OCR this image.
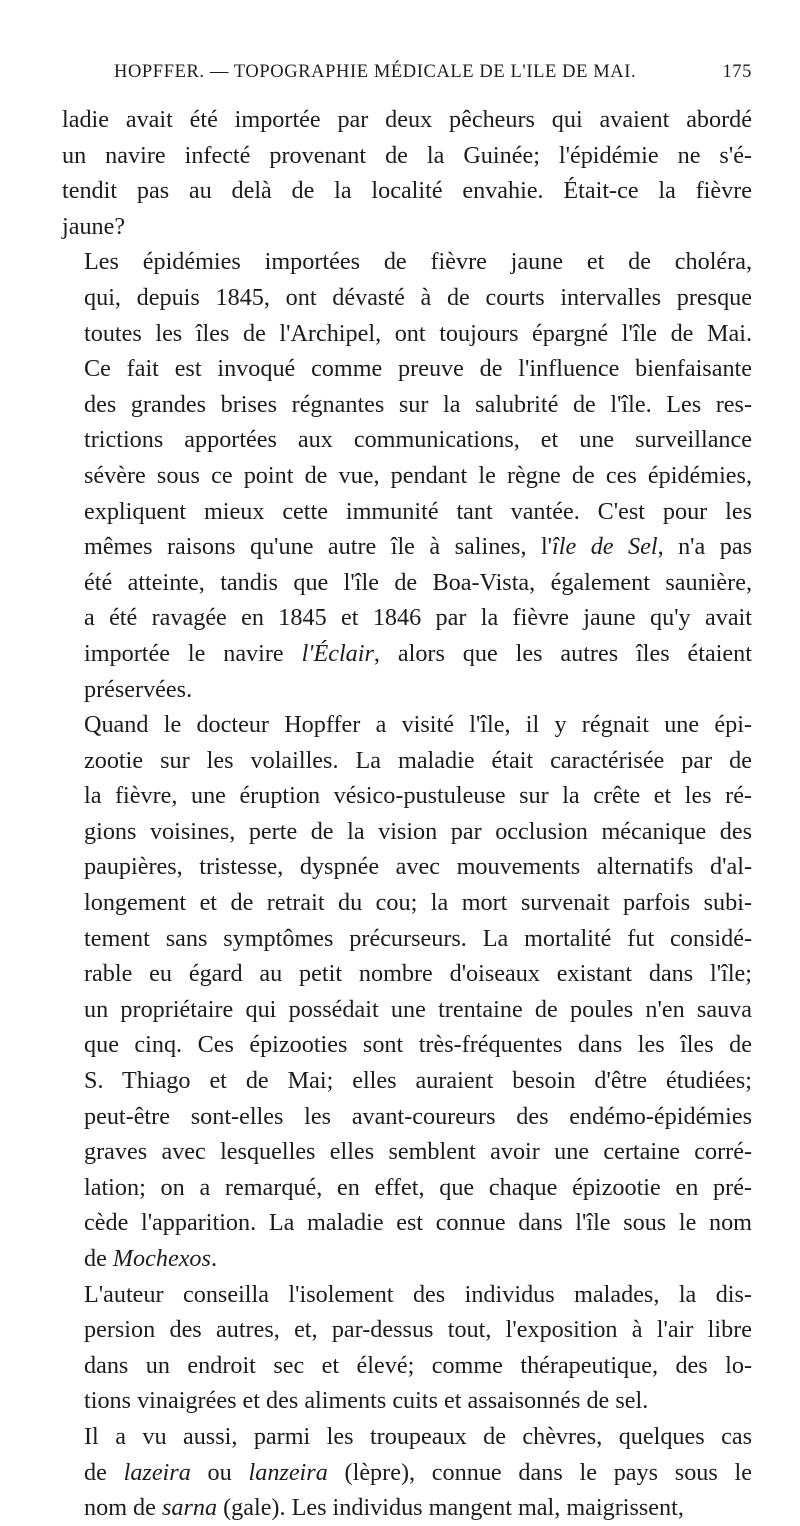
HOPFFER. — TOPOGRAPHIE MÉDICALE DE L'ILE DE MAI.	175

ladie avait été importée par deux pêcheurs qui avaient abordé
un navire infecté provenant de la Guinée; l'épidémie ne s'é-
tendit pas au delà de la localité envahie. Était-ce la fièvre
jaune?

Les épidémies importées de fièvre jaune et de choléra,
qui, depuis 1845, ont dévasté à de courts intervalles presque
toutes les îles de l'Archipel, ont toujours épargné l'île de Mai.
Ce fait est invoqué comme preuve de l'influence bienfaisante
des grandes brises régnantes sur la salubrité de l'île. Les res-
trictions apportées aux communications, et une surveillance
sévère sous ce point de vue, pendant le règne de ces épidémies,
expliquent mieux cette immunité tant vantée. C'est pour les
mêmes raisons qu'une autre île à salines, l'île de Sel, n'a pas
été atteinte, tandis que l'île de Boa-Vista, également saunière,
a été ravagée en 1845 et 1846 par la fièvre jaune qu'y avait
importée le navire l'Éclair, alors que les autres îles étaient
préservées.

Quand le docteur Hopffer a visité l'île, il y régnait une épi-
zootie sur les volailles. La maladie était caractérisée par de
la fièvre, une éruption vésico-pustuleuse sur la crête et les ré-
gions voisines, perte de la vision par occlusion mécanique des
paupières, tristesse, dyspnée avec mouvements alternatifs d'al-
longement et de retrait du cou; la mort survenait parfois subi-
tement sans symptômes précurseurs. La mortalité fut considé-
rable eu égard au petit nombre d'oiseaux existant dans l'île;
un propriétaire qui possédait une trentaine de poules n'en sauva
que cinq. Ces épizooties sont très-fréquentes dans les îles de
S. Thiago et de Mai; elles auraient besoin d'être étudiées;
peut-être sont-elles les avant-coureurs des endémo-épidémies
graves avec lesquelles elles semblent avoir une certaine corré-
lation; on a remarqué, en effet, que chaque épizootie en pré-
cède l'apparition. La maladie est connue dans l'île sous le nom
de Mochexos.

L'auteur conseilla l'isolement des individus malades, la dis-
persion des autres, et, par-dessus tout, l'exposition à l'air libre
dans un endroit sec et élevé; comme thérapeutique, des lo-
tions vinaigrées et des aliments cuits et assaisonnés de sel.

Il a vu aussi, parmi les troupeaux de chèvres, quelques cas
de lazeira ou lanzeira (lèpre), connue dans le pays sous le
nom de sarna (gale). Les individus mangent mal, maigrissent,
